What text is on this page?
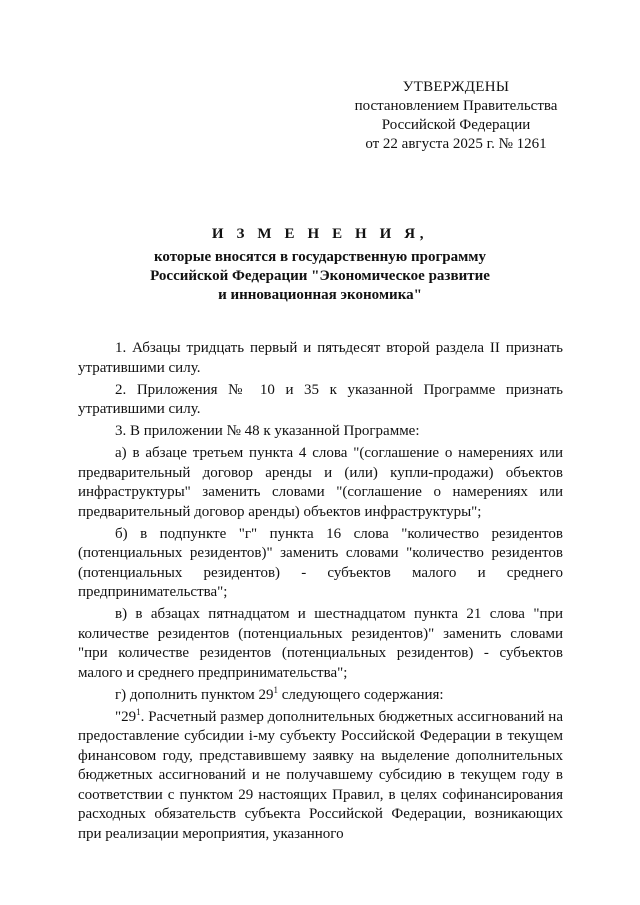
УТВЕРЖДЕНЫ
постановлением Правительства
Российской Федерации
от 22 августа 2025 г. № 1261
И З М Е Н Е Н И Я,
которые вносятся в государственную программу
Российской Федерации "Экономическое развитие
и инновационная экономика"

1. Абзацы тридцать первый и пятьдесят второй раздела II признать утратившими силу.

2. Приложения № 10 и 35 к указанной Программе признать утратившими силу.

3. В приложении № 48 к указанной Программе:

а) в абзаце третьем пункта 4 слова "(соглашение о намерениях или предварительный договор аренды и (или) купли-продажи) объектов инфраструктуры" заменить словами "(соглашение о намерениях или предварительный договор аренды) объектов инфраструктуры";

б) в подпункте "г" пункта 16 слова "количество резидентов (потенциальных резидентов)" заменить словами "количество резидентов (потенциальных резидентов) - субъектов малого и среднего предпринимательства";

в) в абзацах пятнадцатом и шестнадцатом пункта 21 слова "при количестве резидентов (потенциальных резидентов)" заменить словами "при количестве резидентов (потенциальных резидентов) - субъектов малого и среднего предпринимательства";

г) дополнить пунктом $29^1$ следующего содержания:

"$29^1$. Расчетный размер дополнительных бюджетных ассигнований на предоставление субсидии i-му субъекту Российской Федерации в текущем финансовом году, представившему заявку на выделение дополнительных бюджетных ассигнований и не получавшему субсидию в текущем году в соответствии с пунктом 29 настоящих Правил, в целях софинансирования расходных обязательств субъекта Российской Федерации, возникающих при реализации мероприятия, указанного
